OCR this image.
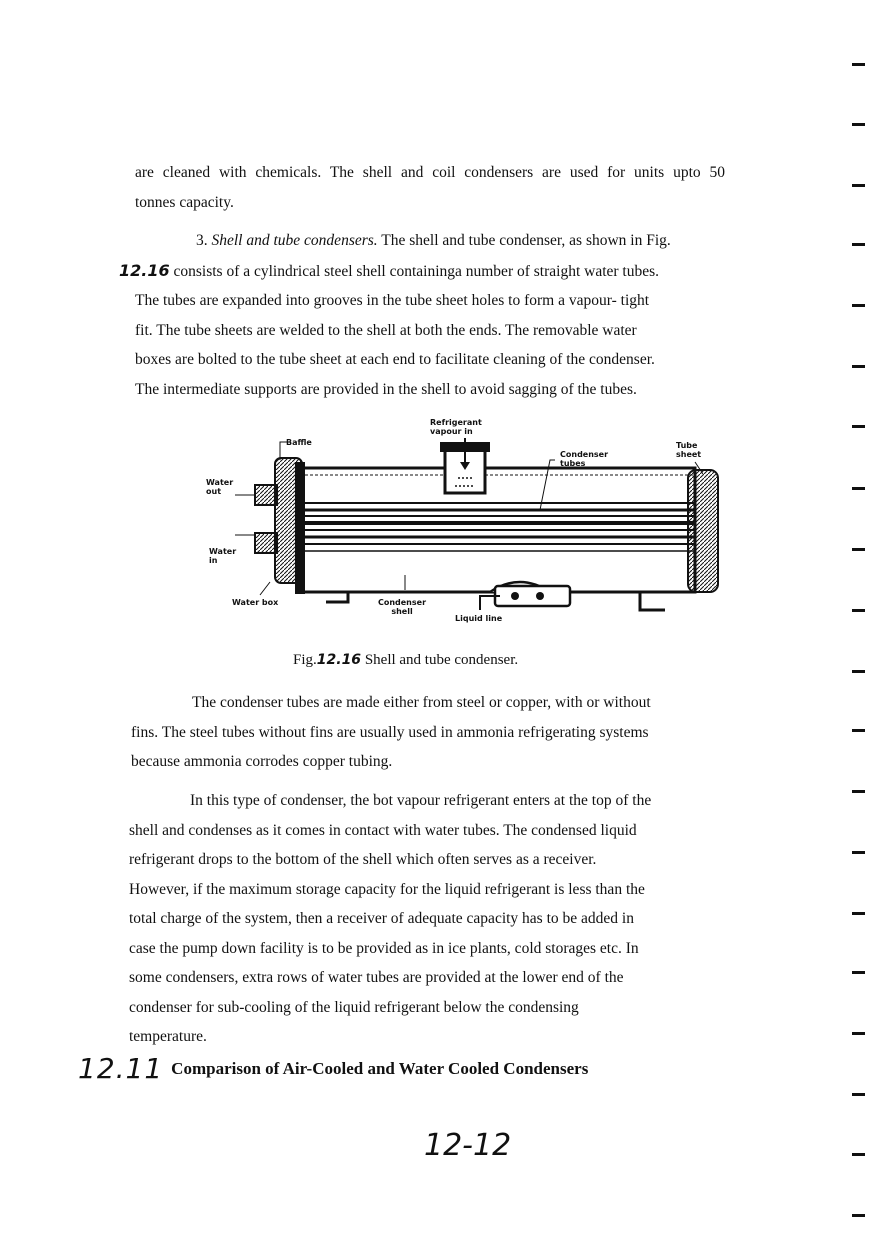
are cleaned with chemicals. The shell and coil condensers are used for units upto 50
tonnes capacity.

3. Shell and tube condensers. The shell and tube condenser, as shown in Fig.
12.16 consists of a cylindrical steel shell containinga number of straight water tubes.
The tubes are expanded into grooves in the tube sheet holes to form a vapour- tight
fit. The tube sheets are welded to the shell at both the ends. The removable water
boxes are bolted to the tube sheet at each end to facilitate cleaning of the condenser.
The intermediate supports are provided in the shell to avoid sagging of the tubes.

Refrigerant vapour in
Baffle
Condenser tubes
Tube sheet
Water out
Water in
Water box	Condenser shell
Liquid line
Fig.12.16 Shell and tube condenser.

The condenser tubes are made either from steel or copper, with or without
fins. The steel tubes without fins are usually used in ammonia refrigerating systems
because ammonia corrodes copper tubing.

In this type of condenser, the bot vapour refrigerant enters at the top of the
shell and condenses as it comes in contact with water tubes. The condensed liquid
refrigerant drops to the bottom of the shell which often serves as a receiver.
However, if the maximum storage capacity for the liquid refrigerant is less than the
total charge of the system, then a receiver of adequate capacity has to be added in
case the pump down facility is to be provided as in ice plants, cold storages etc. In
some condensers, extra rows of water tubes are provided at the lower end of the
condenser for sub-cooling of the liquid refrigerant below the condensing
temperature.

12.11 Comparison of Air-Cooled and Water Cooled Condensers
12-12
